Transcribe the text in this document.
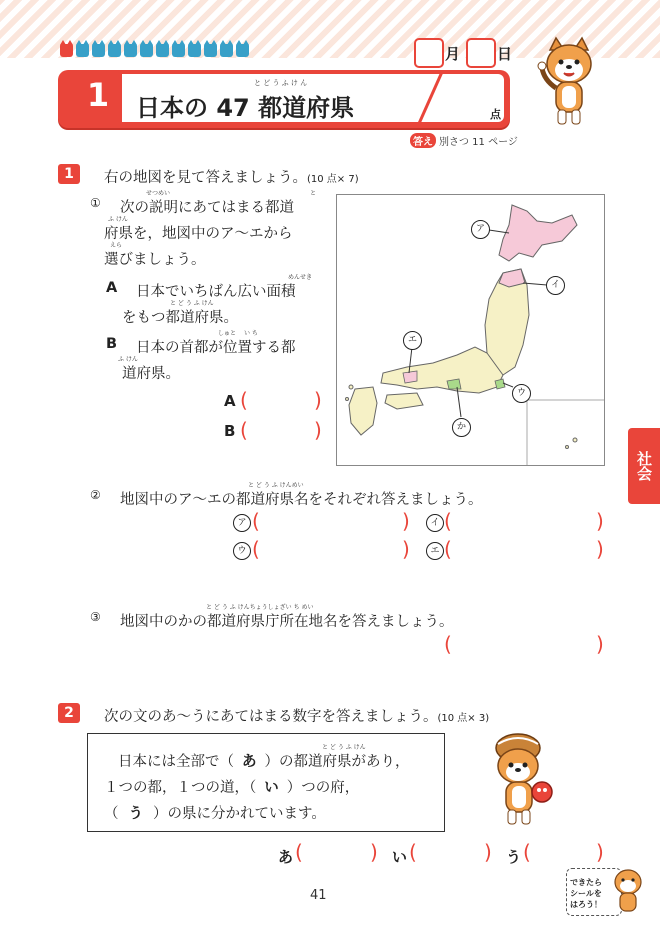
月 日
1	と ど う ふ け ん
日本の 47 都道府県	点
答え 別さつ 11 ページ
社会
1	右の地図を見て答えましょう。(10 点× 7)
①
せつめい	と
次の説明にあてはまる都道
ふ けん
府県を，地図中のア〜エから
えら
選びましょう。
A
めんせき
日本でいちばん広い面積
と ど う ふ けん
をもつ都道府県。
B
しゅと い ち
日本の首都が位置する都
ふ けん
道府県。
A (	)
B (	)
ア
イ
ウ
エ
か
②
と ど う ふ けんめい
地図中のア〜エの都道府県名をそれぞれ答えましょう。
ア (	)	イ (	)
ウ (	)	エ (	)
③
と ど う ふ けんちょうしょざい ち めい
地図中のかの都道府県庁所在地名を答えましょう。
(	)
2	次の文のあ〜うにあてはまる数字を答えましょう。(10 点× 3)
と ど う ふ けん
日本には全部で（ あ ）の都道府県があり，
１つの都，１つの道，（ い ）つの府，
（ う ）の県に分かれています。
あ (	) い (	) う (	)
41
できたら シールを はろう！
